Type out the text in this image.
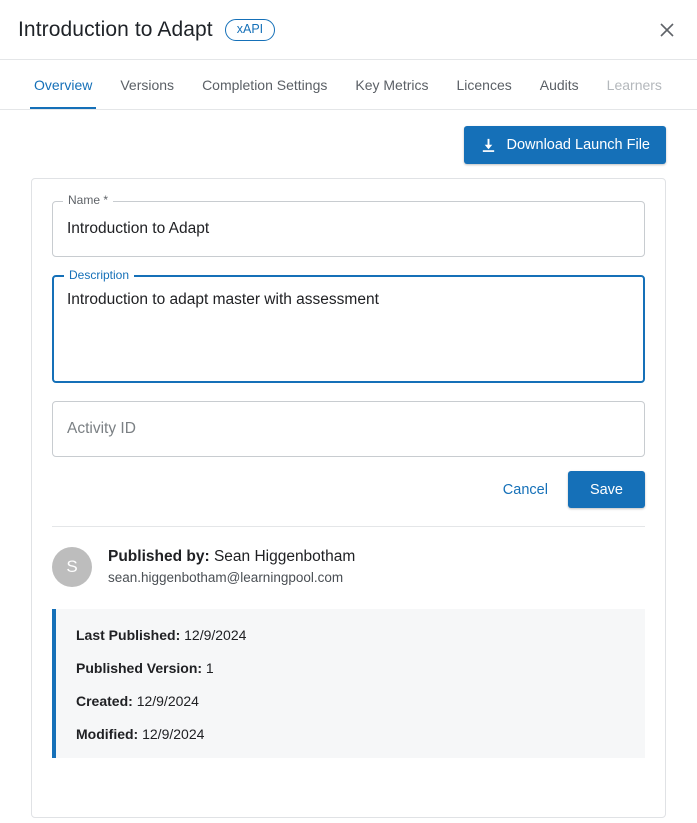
Introduction to Adapt	xAPI
Overview Versions Completion Settings Key Metrics Licences Audits Learners
Download Launch File
Name *
Introduction to Adapt
Description
Introduction to adapt master with assessment
Activity ID
Cancel	Save
S
Published by: Sean Higgenbotham
sean.higgenbotham@learningpool.com
Last Published: 12/9/2024
Published Version: 1
Created: 12/9/2024
Modified: 12/9/2024
